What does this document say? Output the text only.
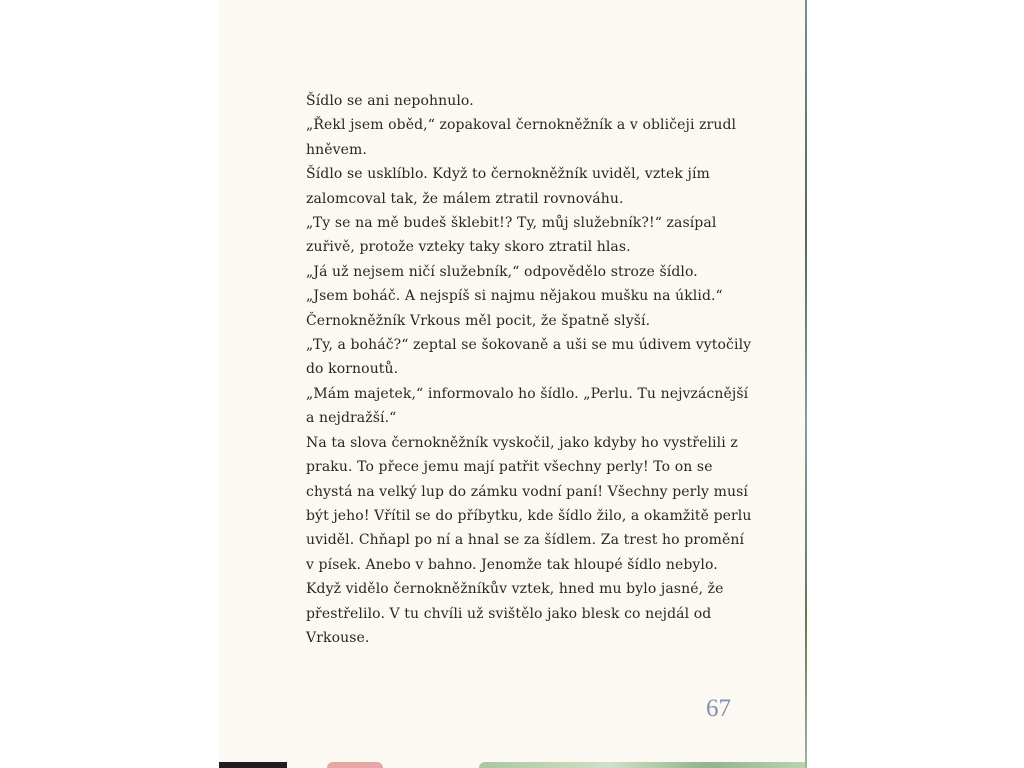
Šídlo se ani nepohnulo.

„Řekl jsem oběd,“ zopakoval černokněžník a v obličeji zrudl hněvem.

Šídlo se usklíblo. Když to černokněžník uviděl, vztek jím zalomcoval tak, že málem ztratil rovnováhu.

„Ty se na mě budeš šklebit!? Ty, můj služebník?!“ zasípal zuřivě, protože vzteky taky skoro ztratil hlas.

„Já už nejsem ničí služebník,“ odpovědělo stroze šídlo.

„Jsem boháč. A nejspíš si najmu nějakou mušku na úklid.“

Černokněžník Vrkous měl pocit, že špatně slyší.

„Ty, a boháč?“ zeptal se šokovaně a uši se mu údivem vytočily do kornoutů.

„Mám majetek,“ informovalo ho šídlo. „Perlu. Tu nejvzácnější a nejdražší.“

Na ta slova černokněžník vyskočil, jako kdyby ho vystřelili z praku. To přece jemu mají patřit všechny perly! To on se chystá na velký lup do zámku vodní paní! Všechny perly musí být jeho! Vřítil se do příbytku, kde šídlo žilo, a okamžitě perlu uviděl. Chňapl po ní a hnal se za šídlem. Za trest ho promění v písek. Anebo v bahno. Jenomže tak hloupé šídlo nebylo. Když vidělo černokněžníkův vztek, hned mu bylo jasné, že přestřelilo. V tu chvíli už svištělo jako blesk co nejdál od Vrkouse.

67
